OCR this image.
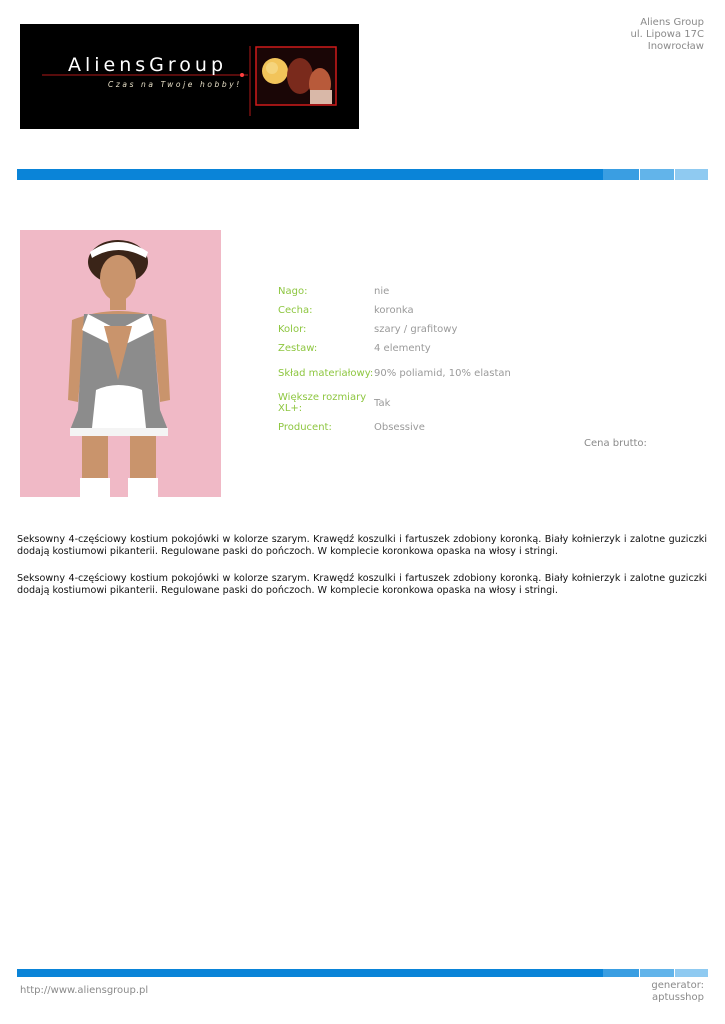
AliensGroup
Czas na Twoje hobby!
Aliens Group
ul. Lipowa 17C
Inowrocław
Nago:	nie
Cecha:	koronka
Kolor:	szary / grafitowy
Zestaw:	4 elementy
Skład materiałowy:	90% poliamid, 10% elastan
Większe rozmiary XL+:	Tak
Producent:	Obsessive
Cena brutto:

Seksowny 4-częściowy kostium pokojówki w kolorze szarym. Krawędź koszulki i fartuszek zdobiony koronką. Biały kołnierzyk i zalotne guziczki dodają kostiumowi pikanterii. Regulowane paski do pończoch. W komplecie koronkowa opaska na włosy i stringi.

Seksowny 4-częściowy kostium pokojówki w kolorze szarym. Krawędź koszulki i fartuszek zdobiony koronką. Biały kołnierzyk i zalotne guziczki dodają kostiumowi pikanterii. Regulowane paski do pończoch. W komplecie koronkowa opaska na włosy i stringi.

http://www.aliensgroup.pl	generator:
aptusshop
